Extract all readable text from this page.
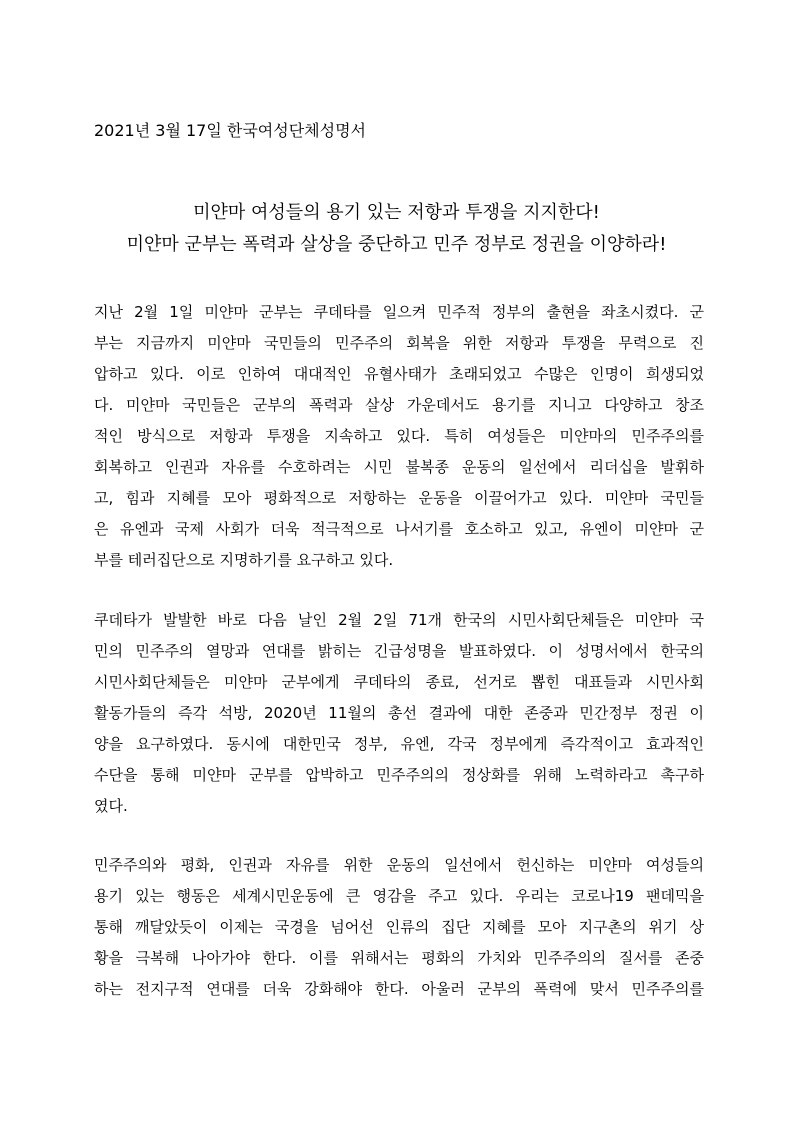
2021년 3월 17일 한국여성단체성명서
미얀마 여성들의 용기 있는 저항과 투쟁을 지지한다!
미얀마 군부는 폭력과 살상을 중단하고 민주 정부로 정권을 이양하라!
지난 2월 1일 미얀마 군부는 쿠데타를 일으켜 민주적 정부의 출현을 좌초시켰다. 군
부는 지금까지 미얀마 국민들의 민주주의 회복을 위한 저항과 투쟁을 무력으로 진
압하고 있다. 이로 인하여 대대적인 유혈사태가 초래되었고 수많은 인명이 희생되었
다. 미얀마 국민들은 군부의 폭력과 살상 가운데서도 용기를 지니고 다양하고 창조
적인 방식으로 저항과 투쟁을 지속하고 있다. 특히 여성들은 미얀마의 민주주의를
회복하고 인권과 자유를 수호하려는 시민 불복종 운동의 일선에서 리더십을 발휘하
고, 힘과 지혜를 모아 평화적으로 저항하는 운동을 이끌어가고 있다. 미얀마 국민들
은 유엔과 국제 사회가 더욱 적극적으로 나서기를 호소하고 있고, 유엔이 미얀마 군
부를 테러집단으로 지명하기를 요구하고 있다.
쿠데타가 발발한 바로 다음 날인 2월 2일 71개 한국의 시민사회단체들은 미얀마 국
민의 민주주의 열망과 연대를 밝히는 긴급성명을 발표하였다. 이 성명서에서 한국의
시민사회단체들은 미얀마 군부에게 쿠데타의 종료, 선거로 뽑힌 대표들과 시민사회
활동가들의 즉각 석방, 2020년 11월의 총선 결과에 대한 존중과 민간정부 정권 이
양을 요구하였다. 동시에 대한민국 정부, 유엔, 각국 정부에게 즉각적이고 효과적인
수단을 통해 미얀마 군부를 압박하고 민주주의의 정상화를 위해 노력하라고 촉구하
였다.
민주주의와 평화, 인권과 자유를 위한 운동의 일선에서 헌신하는 미얀마 여성들의
용기 있는 행동은 세계시민운동에 큰 영감을 주고 있다. 우리는 코로나19 팬데믹을
통해 깨달았듯이 이제는 국경을 넘어선 인류의 집단 지혜를 모아 지구촌의 위기 상
황을 극복해 나아가야 한다. 이를 위해서는 평화의 가치와 민주주의의 질서를 존중
하는 전지구적 연대를 더욱 강화해야 한다. 아울러 군부의 폭력에 맞서 민주주의를
